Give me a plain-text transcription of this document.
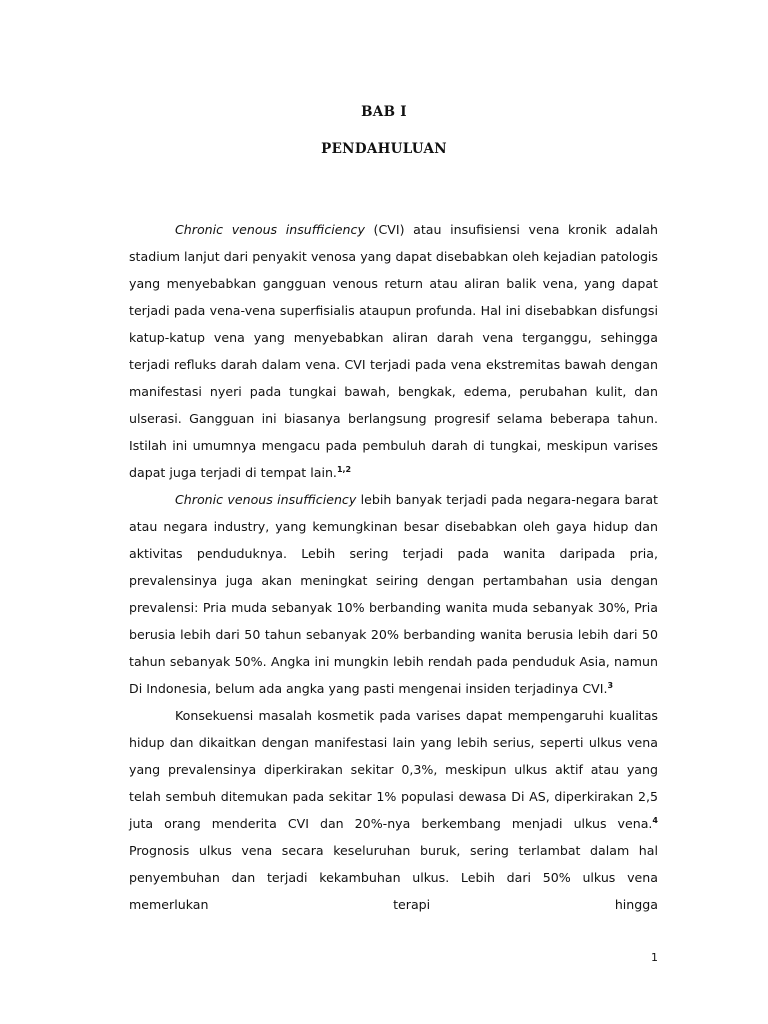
BAB I
PENDAHULUAN

Chronic venous insufficiency (CVI) atau insufisiensi vena kronik adalah stadium lanjut dari penyakit venosa yang dapat disebabkan oleh kejadian patologis yang menyebabkan gangguan venous return atau aliran balik vena, yang dapat terjadi pada vena-vena superfisialis ataupun profunda. Hal ini disebabkan disfungsi katup-katup vena yang menyebabkan aliran darah vena terganggu, sehingga terjadi refluks darah dalam vena. CVI terjadi pada vena ekstremitas bawah dengan manifestasi nyeri pada tungkai bawah, bengkak, edema, perubahan kulit, dan ulserasi. Gangguan ini biasanya berlangsung progresif selama beberapa tahun. Istilah ini umumnya mengacu pada pembuluh darah di tungkai, meskipun varises dapat juga terjadi di tempat lain.$^{1,2}$

Chronic venous insufficiency lebih banyak terjadi pada negara-negara barat atau negara industry, yang kemungkinan besar disebabkan oleh gaya hidup dan aktivitas penduduknya. Lebih sering terjadi pada wanita daripada pria, prevalensinya juga akan meningkat seiring dengan pertambahan usia dengan prevalensi: Pria muda sebanyak 10% berbanding wanita muda sebanyak 30%, Pria berusia lebih dari 50 tahun sebanyak 20% berbanding wanita berusia lebih dari 50 tahun sebanyak 50%. Angka ini mungkin lebih rendah pada penduduk Asia, namun Di Indonesia, belum ada angka yang pasti mengenai insiden terjadinya CVI.$^3$

Konsekuensi masalah kosmetik pada varises dapat mempengaruhi kualitas hidup dan dikaitkan dengan manifestasi lain yang lebih serius, seperti ulkus vena yang prevalensinya diperkirakan sekitar 0,3%, meskipun ulkus aktif atau yang telah sembuh ditemukan pada sekitar 1% populasi dewasa Di AS, diperkirakan 2,5 juta orang menderita CVI dan 20%-nya berkembang menjadi ulkus vena.$^4$ Prognosis ulkus vena secara keseluruhan buruk, sering terlambat dalam hal penyembuhan dan terjadi kekambuhan ulkus. Lebih dari 50% ulkus vena memerlukan terapi hingga

1
